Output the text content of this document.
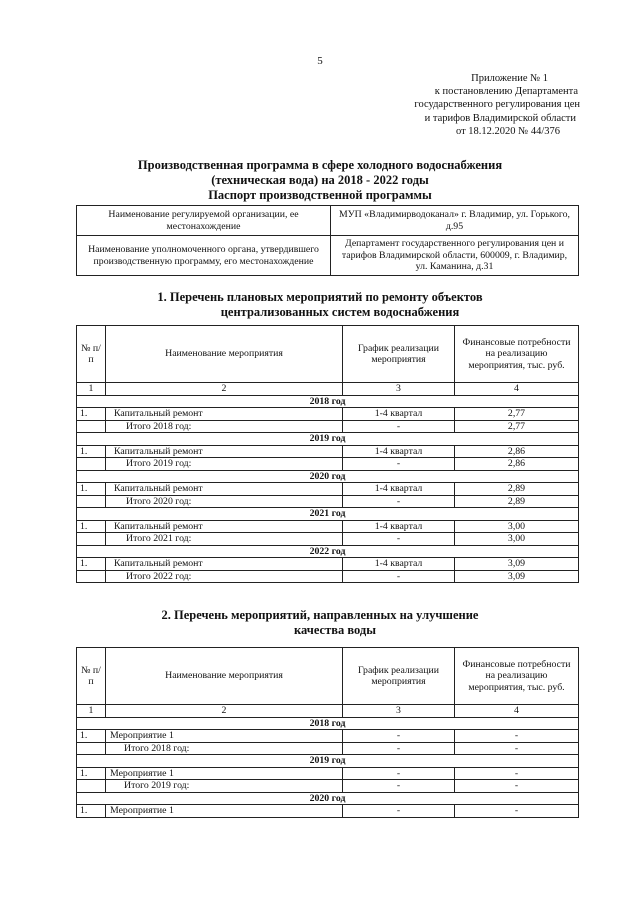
5
Приложение № 1
к постановлению Департамента
государственного регулирования цен
и тарифов Владимирской области
от 18.12.2020 № 44/376
Производственная программа в сфере холодного водоснабжения
(техническая вода) на 2018 - 2022 годы
Паспорт производственной программы
Наименование регулируемой организации, ее местонахождение	МУП «Владимирводоканал» г. Владимир, ул. Горького, д.95
Наименование уполномоченного органа, утвердившего производственную программу, его местонахождение	Департамент государственного регулирования цен и тарифов Владимирской области, 600009, г. Владимир, ул. Каманина, д.31
1. Перечень плановых мероприятий по ремонту объектов
централизованных систем водоснабжения
№ п/п	Наименование мероприятия	График реализации мероприятия	Финансовые потребности на реализацию мероприятия, тыс. руб.
1	2	3	4
2018 год			
1.	Капитальный ремонт	1-4 квартал	2,77
	Итого 2018 год:	-	2,77
2019 год			
1.	Капитальный ремонт	1-4 квартал	2,86
	Итого 2019 год:	-	2,86
2020 год			
1.	Капитальный ремонт	1-4 квартал	2,89
	Итого 2020 год:	-	2,89
2021 год			
1.	Капитальный ремонт	1-4 квартал	3,00
	Итого 2021 год:	-	3,00
2022 год			
1.	Капитальный ремонт	1-4 квартал	3,09
	Итого 2022 год:	-	3,09
2. Перечень мероприятий, направленных на улучшение
качества воды
№ п/п	Наименование мероприятия	График реализации мероприятия	Финансовые потребности на реализацию мероприятия, тыс. руб.
1	2	3	4
2018 год			
1.	Мероприятие 1	-	-
	Итого 2018 год:	-	-
2019 год			
1.	Мероприятие 1	-	-
	Итого 2019 год:	-	-
2020 год			
1.	Мероприятие 1	-	-
